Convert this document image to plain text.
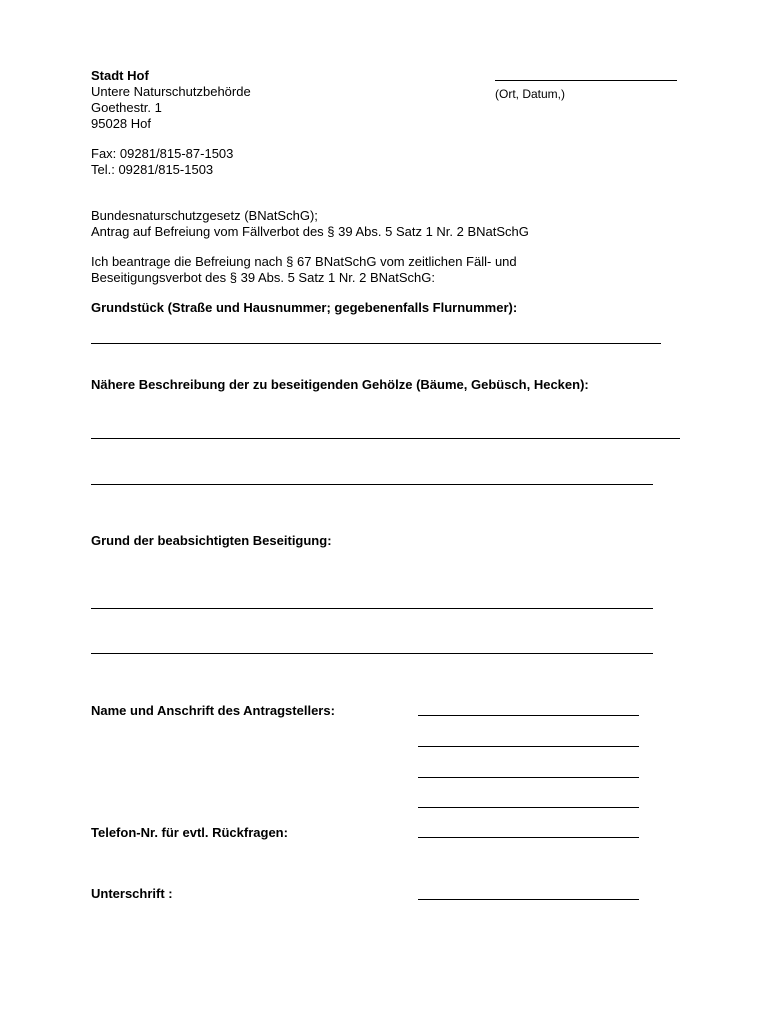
Stadt Hof
Untere Naturschutzbehörde
Goethestr. 1
95028 Hof
Fax: 09281/815-87-1503
Tel.: 09281/815-1503
(Ort, Datum,)
Bundesnaturschutzgesetz (BNatSchG);
Antrag auf Befreiung vom Fällverbot des § 39 Abs. 5 Satz 1 Nr. 2 BNatSchG
Ich beantrage die Befreiung nach § 67 BNatSchG vom zeitlichen Fäll- und
Beseitigungsverbot des § 39 Abs. 5 Satz 1 Nr. 2 BNatSchG:
Grundstück (Straße und Hausnummer; gegebenenfalls Flurnummer):
Nähere Beschreibung der zu beseitigenden Gehölze (Bäume, Gebüsch, Hecken):
Grund der beabsichtigten Beseitigung:
Name und Anschrift des Antragstellers:
Telefon-Nr. für evtl. Rückfragen:
Unterschrift :
